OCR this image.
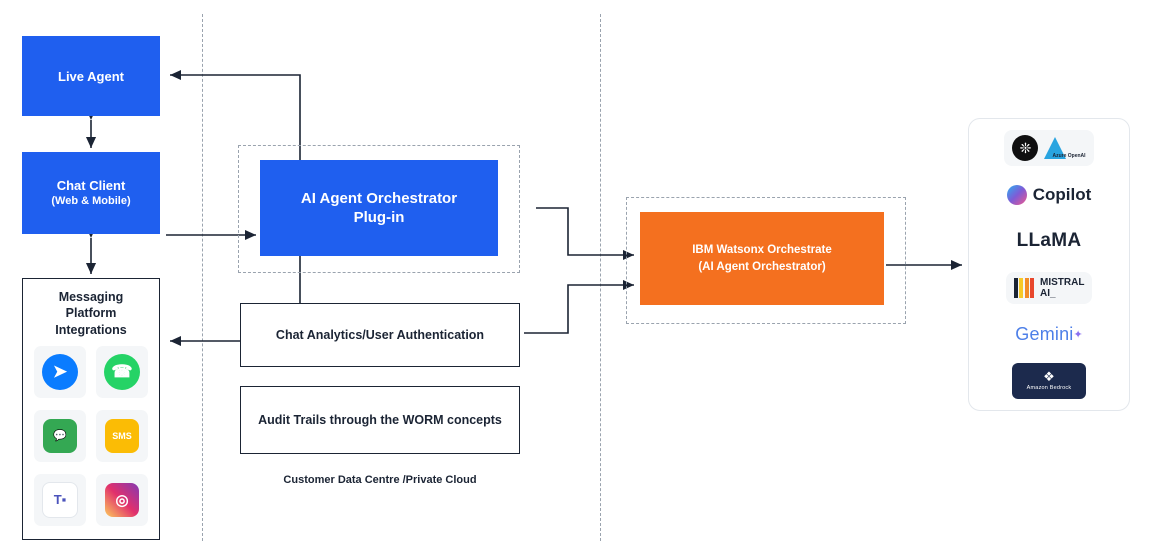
Live Agent
Chat Client
(Web & Mobile)
Messaging
Platform
Integrations
➤	☎
💬	SMS
T▪	◎
AI Agent Orchestrator
Plug-in
Chat Analytics/User Authentication
Audit Trails through the WORM concepts
Customer Data Centre /Private Cloud
IBM Watsonx Orchestrate
(AI Agent Orchestrator)
❊
Azure OpenAI
Copilot
LLaMA
MISTRAL
AI_
Gemini ✦
❖
Amazon Bedrock
